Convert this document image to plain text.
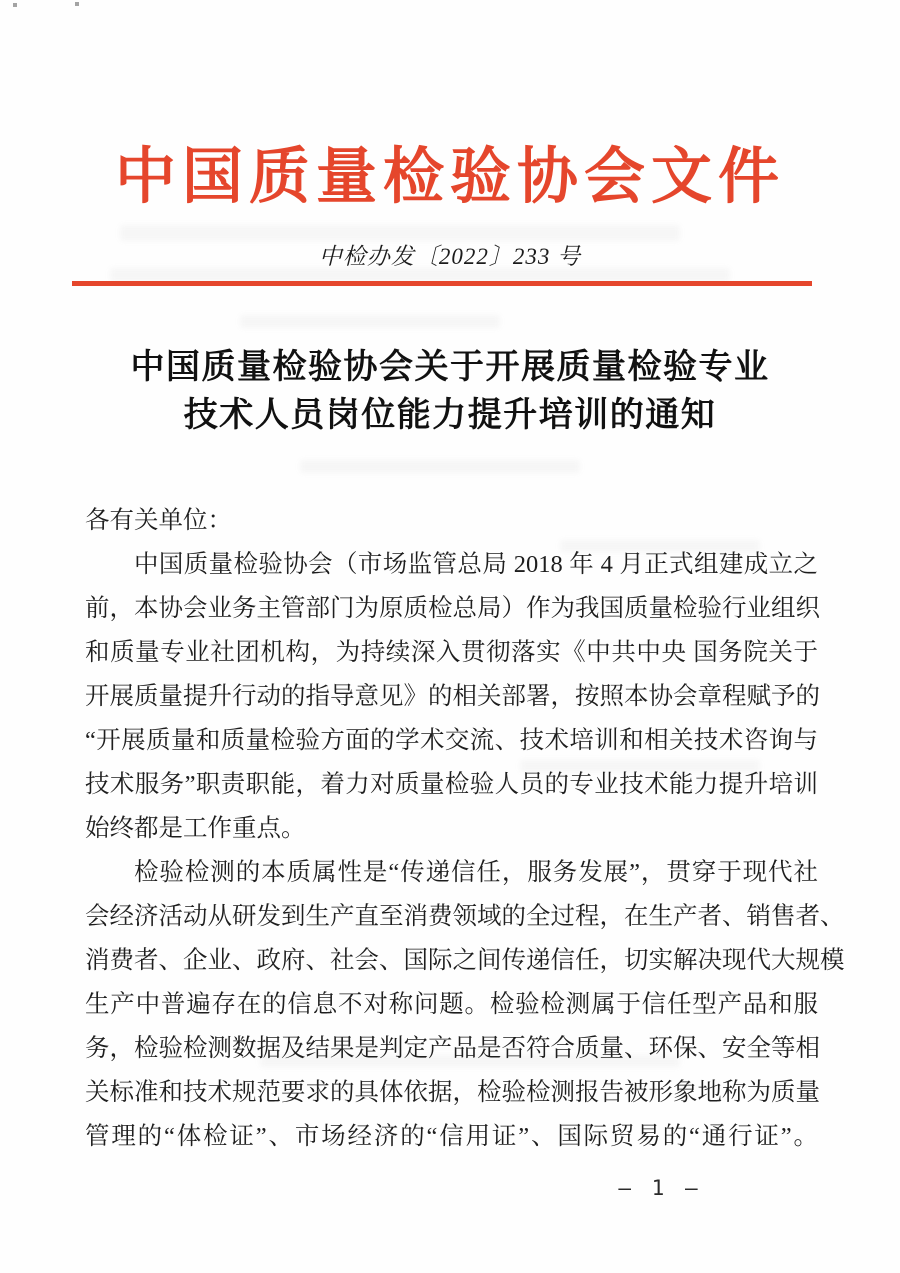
中国质量检验协会文件
中检办发〔2022〕233 号
中国质量检验协会关于开展质量检验专业
技术人员岗位能力提升培训的通知
各有关单位：
中国质量检验协会（市场监管总局 2018 年 4 月正式组建成立之
前，本协会业务主管部门为原质检总局）作为我国质量检验行业组织
和质量专业社团机构，为持续深入贯彻落实《中共中央 国务院关于
开展质量提升行动的指导意见》的相关部署，按照本协会章程赋予的
“开展质量和质量检验方面的学术交流、技术培训和相关技术咨询与
技术服务”职责职能，着力对质量检验人员的专业技术能力提升培训
始终都是工作重点。
检验检测的本质属性是“传递信任，服务发展”，贯穿于现代社
会经济活动从研发到生产直至消费领域的全过程，在生产者、销售者、
消费者、企业、政府、社会、国际之间传递信任，切实解决现代大规模
生产中普遍存在的信息不对称问题。检验检测属于信任型产品和服
务，检验检测数据及结果是判定产品是否符合质量、环保、安全等相
关标准和技术规范要求的具体依据，检验检测报告被形象地称为质量
管理的“体检证”、市场经济的“信用证”、国际贸易的“通行证”。
— 1 —
